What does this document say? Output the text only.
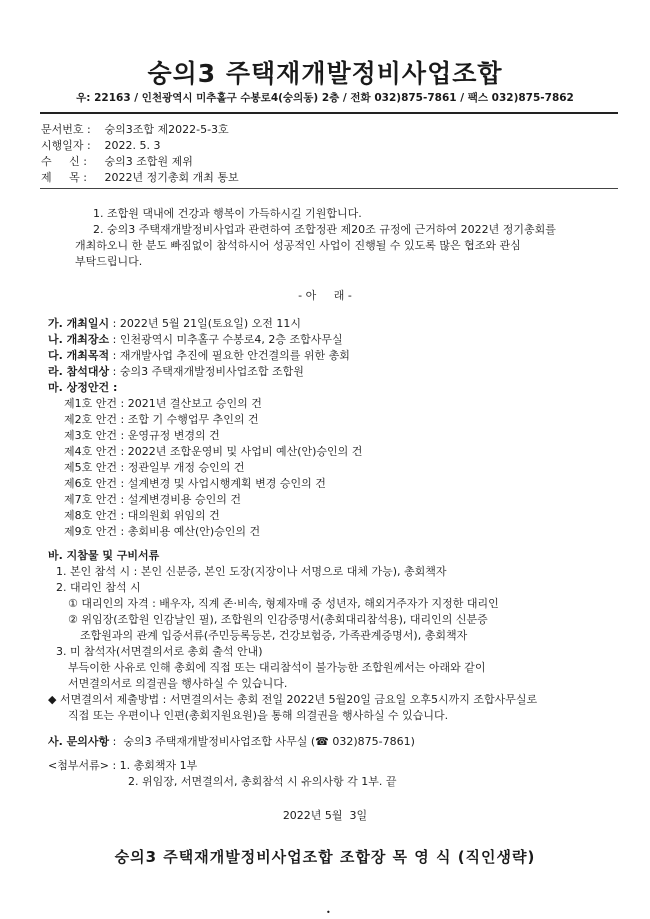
숭의3 주택재개발정비사업조합
우: 22163 / 인천광역시 미추홀구 수봉로4(숭의동) 2층 / 전화 032)875-7861 / 팩스 032)875-7862
문서번호 : 숭의3조합 제2022-5-3호
시행일자 : 2022. 5. 3
수     신 : 숭의3 조합원 제위
제     목 : 2022년 정기총회 개최 통보
1. 조합원 댁내에 건강과 행복이 가득하시길 기원합니다.
2. 숭의3 주택재개발정비사업과 관련하여 조합정관 제20조 규정에 근거하여 2022년 정기총회를
개최하오니 한 분도 빠짐없이 참석하시어 성공적인 사업이 진행될 수 있도록 많은 협조와 관심
부탁드립니다.
- 아     래 -
가. 개최일시 : 2022년 5월 21일(토요일) 오전 11시
나. 개최장소 : 인천광역시 미추홀구 수봉로4, 2층 조합사무실
다. 개최목적 : 재개발사업 추진에 필요한 안건결의를 위한 총회
라. 참석대상 : 숭의3 주택재개발정비사업조합 조합원
마. 상정안건 :
제1호 안건 : 2021년 결산보고 승인의 건
제2호 안건 : 조합 기 수행업무 추인의 건
제3호 안건 : 운영규정 변경의 건
제4호 안건 : 2022년 조합운영비 및 사업비 예산(안)승인의 건
제5호 안건 : 정관일부 개정 승인의 건
제6호 안건 : 설계변경 및 사업시행계획 변경 승인의 건
제7호 안건 : 설계변경비용 승인의 건
제8호 안건 : 대의원회 위임의 건
제9호 안건 : 총회비용 예산(안)승인의 건
바. 지참물 및 구비서류
1. 본인 참석 시 : 본인 신분증, 본인 도장(지장이나 서명으로 대체 가능), 총회책자
2. 대리인 참석 시
① 대리인의 자격 : 배우자, 직계 존·비속, 형제자매 중 성년자, 해외거주자가 지정한 대리인
② 위임장(조합원 인감날인 필), 조합원의 인감증명서(총회대리참석용), 대리인의 신분증
조합원과의 관계 입증서류(주민등록등본, 건강보험증, 가족관계증명서), 총회책자
3. 미 참석자(서면결의서로 총회 출석 안내)
부득이한 사유로 인해 총회에 직접 또는 대리참석이 불가능한 조합원께서는 아래와 같이
서면결의서로 의결권을 행사하실 수 있습니다.
◆ 서면결의서 제출방법 : 서면결의서는 총회 전일 2022년 5월20일 금요일 오후5시까지 조합사무실로
직접 또는 우편이나 인편(총회지원요원)을 통해 의결권을 행사하실 수 있습니다.
사. 문의사항 :  숭의3 주택재개발정비사업조합 사무실 (☎ 032)875-7861)
<첨부서류> : 1. 총회책자 1부
2. 위임장, 서면결의서, 총회참석 시 유의사항 각 1부. 끝
2022년 5월  3일
숭의3 주택재개발정비사업조합 조합장 목 영 식 (직인생략)
•
